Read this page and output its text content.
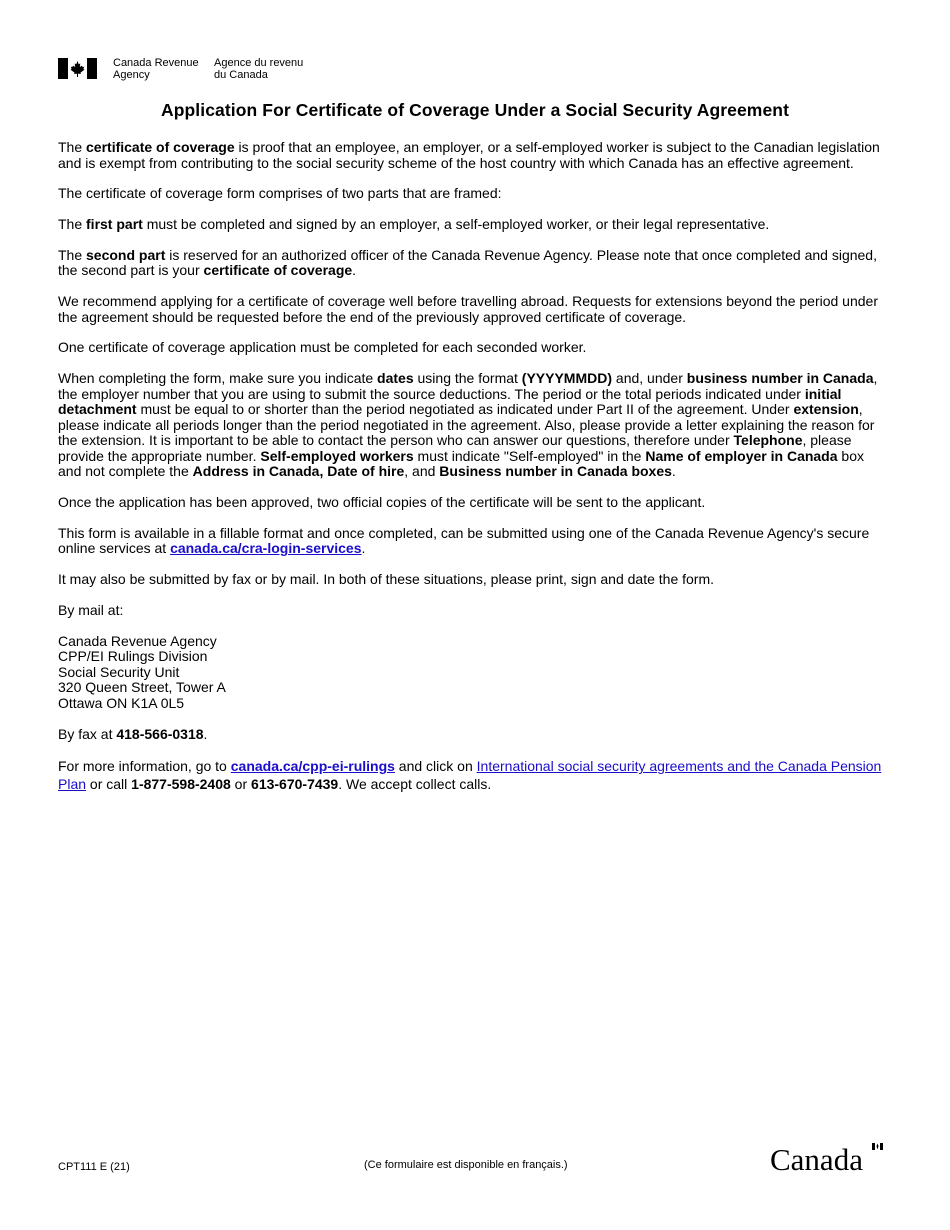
Canada Revenue
Agency
Agence du revenu
du Canada
Application For Certificate of Coverage Under a Social Security Agreement

The certificate of coverage is proof that an employee, an employer, or a self-employed worker is subject to the Canadian legislation and is exempt from contributing to the social security scheme of the host country with which Canada has an effective agreement.

The certificate of coverage form comprises of two parts that are framed:

The first part must be completed and signed by an employer, a self-employed worker, or their legal representative.

The second part is reserved for an authorized officer of the Canada Revenue Agency. Please note that once completed and signed, the second part is your certificate of coverage.

We recommend applying for a certificate of coverage well before travelling abroad. Requests for extensions beyond the period under the agreement should be requested before the end of the previously approved certificate of coverage.

One certificate of coverage application must be completed for each seconded worker.

When completing the form, make sure you indicate dates using the format (YYYYMMDD) and, under business number in Canada, the employer number that you are using to submit the source deductions. The period or the total periods indicated under initial detachment must be equal to or shorter than the period negotiated as indicated under Part II of the agreement. Under extension, please indicate all periods longer than the period negotiated in the agreement. Also, please provide a letter explaining the reason for the extension. It is important to be able to contact the person who can answer our questions, therefore under Telephone, please provide the appropriate number. Self-employed workers must indicate "Self-employed" in the Name of employer in Canada box and not complete the Address in Canada, Date of hire, and Business number in Canada boxes.

Once the application has been approved, two official copies of the certificate will be sent to the applicant.

This form is available in a fillable format and once completed, can be submitted using one of the Canada Revenue Agency's secure online services at canada.ca/cra-login-services.

It may also be submitted by fax or by mail. In both of these situations, please print, sign and date the form.

By mail at:

Canada Revenue Agency
CPP/EI Rulings Division
Social Security Unit
320 Queen Street, Tower A
Ottawa ON K1A 0L5

By fax at 418-566-0318.

For more information, go to canada.ca/cpp-ei-rulings and click on International social security agreements and the Canada Pension Plan or call 1-877-598-2408 or 613-670-7439. We accept collect calls.

CPT111 E (21)	(Ce formulaire est disponible en français.)	Canada
